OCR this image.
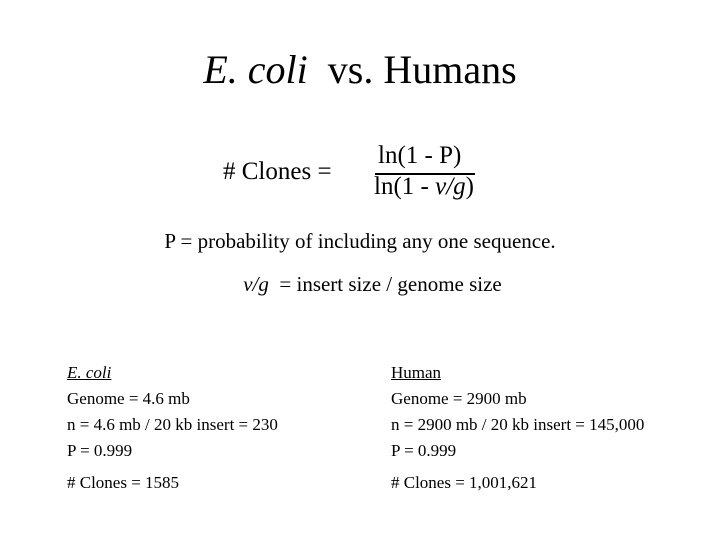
E. coli vs. Humans
# Clones =
ln(1 - P)
ln(1 - v/g)
P = probability of including any one sequence.
v/g = insert size / genome size
E. coli
Genome = 4.6 mb
n = 4.6 mb / 20 kb insert = 230
P = 0.999
Human
Genome = 2900 mb
n = 2900 mb / 20 kb insert = 145,000
P = 0.999
# Clones = 1585	# Clones = 1,001,621
